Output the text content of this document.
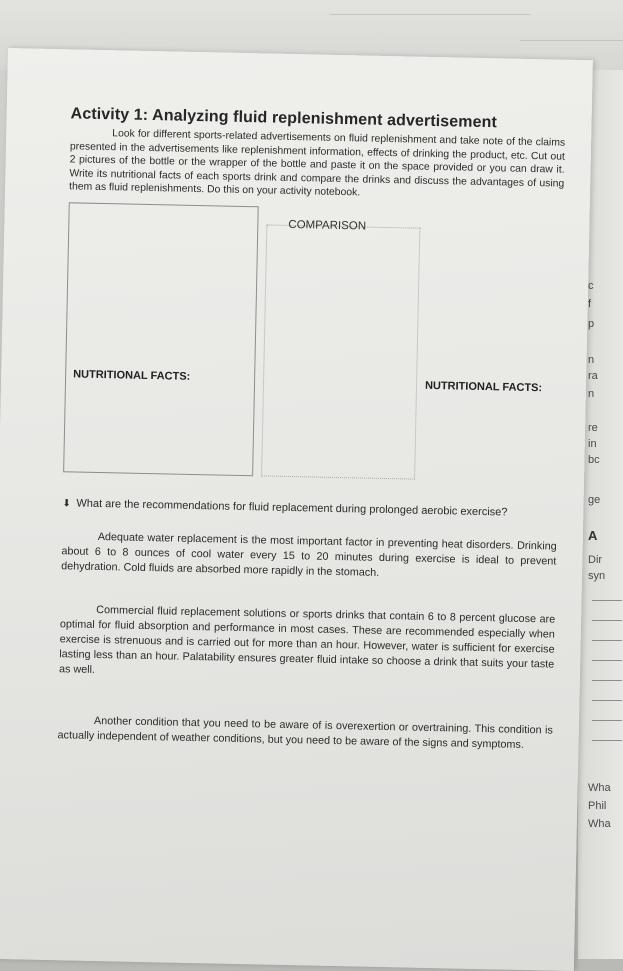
c
f
p
n
ra
n
re
in
bc
ge
A
Dir
syn
Wha
Phil
Wha
Activity 1: Analyzing fluid replenishment advertisement

Look for different sports-related advertisements on fluid replenishment and take note of the claims presented in the advertisements like replenishment information, effects of drinking the product, etc. Cut out 2 pictures of the bottle or the wrapper of the bottle and paste it on the space provided or you can draw it. Write its nutritional facts of each sports drink and compare the drinks and discuss the advantages of using them as fluid replenishments. Do this on your activity notebook.

COMPARISON
NUTRITIONAL FACTS:
NUTRITIONAL FACTS:

⬇ What are the recommendations for fluid replacement during prolonged aerobic exercise?

Adequate water replacement is the most important factor in preventing heat disorders. Drinking about 6 to 8 ounces of cool water every 15 to 20 minutes during exercise is ideal to prevent dehydration. Cold fluids are absorbed more rapidly in the stomach.

Commercial fluid replacement solutions or sports drinks that contain 6 to 8 percent glucose are optimal for fluid absorption and performance in most cases. These are recommended especially when exercise is strenuous and is carried out for more than an hour. However, water is sufficient for exercise lasting less than an hour. Palatability ensures greater fluid intake so choose a drink that suits your taste as well.

Another condition that you need to be aware of is overexertion or overtraining. This condition is actually independent of weather conditions, but you need to be aware of the signs and symptoms.
